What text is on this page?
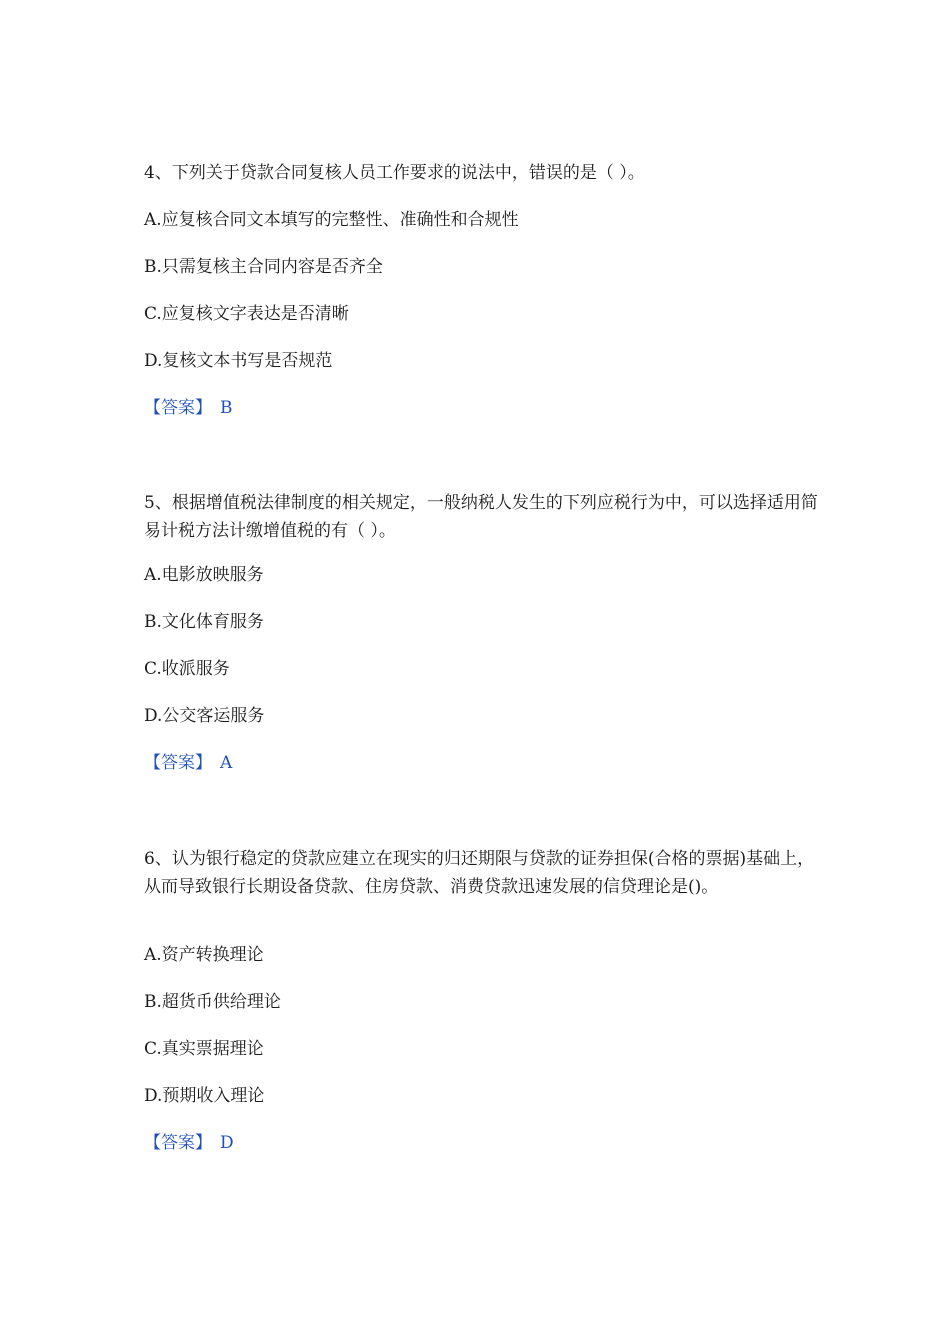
4、下列关于贷款合同复核人员工作要求的说法中，错误的是（ ）。
A.应复核合同文本填写的完整性、准确性和合规性
B.只需复核主合同内容是否齐全
C.应复核文字表达是否清晰
D.复核文本书写是否规范
【答案】 B
5、根据增值税法律制度的相关规定，一般纳税人发生的下列应税行为中，可以选择适用简易计税方法计缴增值税的有（ ）。
A.电影放映服务
B.文化体育服务
C.收派服务
D.公交客运服务
【答案】 A
6、认为银行稳定的贷款应建立在现实的归还期限与贷款的证券担保(合格的票据)基础上，从而导致银行长期设备贷款、住房贷款、消费贷款迅速发展的信贷理论是()。
A.资产转换理论
B.超货币供给理论
C.真实票据理论
D.预期收入理论
【答案】 D
